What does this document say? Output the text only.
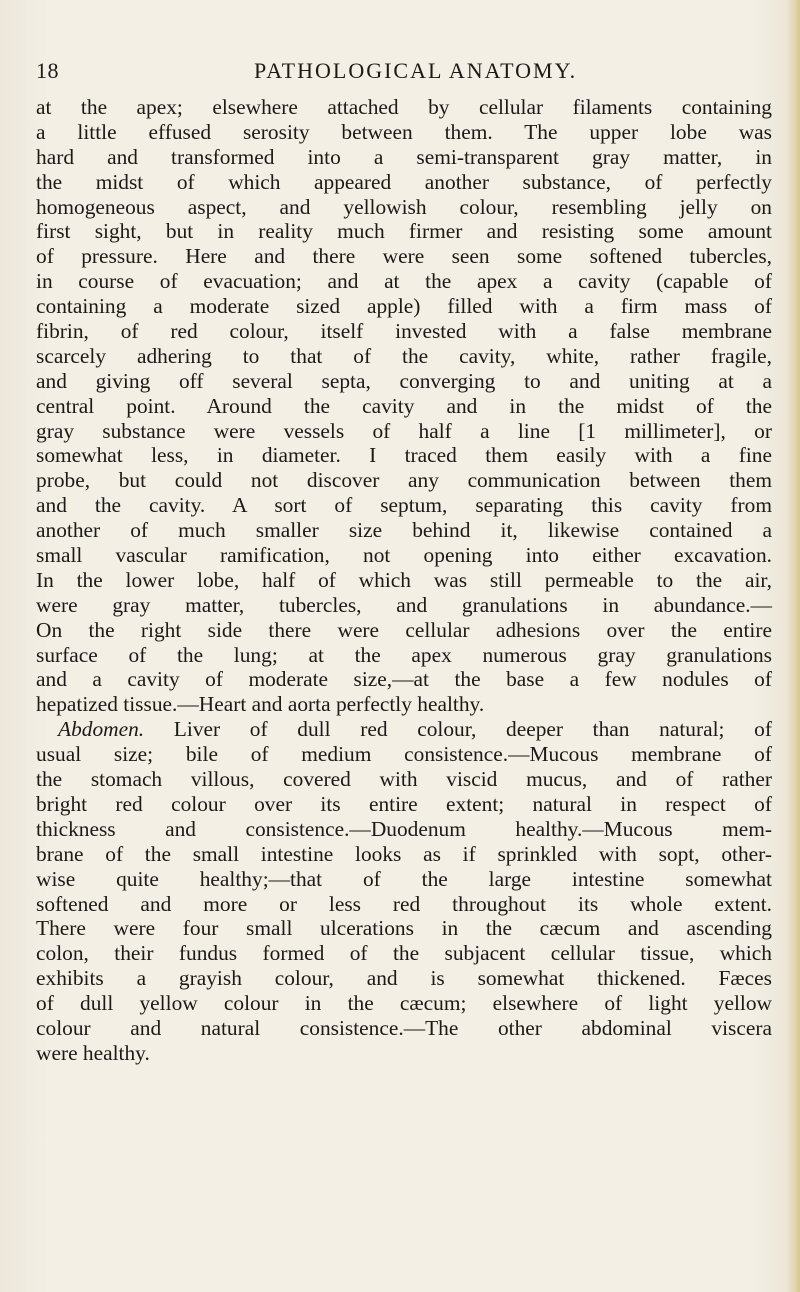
18	PATHOLOGICAL ANATOMY.
at the apex; elsewhere attached by cellular filaments containing
a little effused serosity between them. The upper lobe was
hard and transformed into a semi-transparent gray matter, in
the midst of which appeared another substance, of perfectly
homogeneous aspect, and yellowish colour, resembling jelly on
first sight, but in reality much firmer and resisting some amount
of pressure. Here and there were seen some softened tubercles,
in course of evacuation; and at the apex a cavity (capable of
containing a moderate sized apple) filled with a firm mass of
fibrin, of red colour, itself invested with a false membrane
scarcely adhering to that of the cavity, white, rather fragile,
and giving off several septa, converging to and uniting at a
central point. Around the cavity and in the midst of the
gray substance were vessels of half a line [1 millimeter], or
somewhat less, in diameter. I traced them easily with a fine
probe, but could not discover any communication between them
and the cavity. A sort of septum, separating this cavity from
another of much smaller size behind it, likewise contained a
small vascular ramification, not opening into either excavation.
In the lower lobe, half of which was still permeable to the air,
were gray matter, tubercles, and granulations in abundance.—
On the right side there were cellular adhesions over the entire
surface of the lung; at the apex numerous gray granulations
and a cavity of moderate size,—at the base a few nodules of
hepatized tissue.—Heart and aorta perfectly healthy.
Abdomen. Liver of dull red colour, deeper than natural; of
usual size; bile of medium consistence.—Mucous membrane of
the stomach villous, covered with viscid mucus, and of rather
bright red colour over its entire extent; natural in respect of
thickness and consistence.—Duodenum healthy.—Mucous mem-
brane of the small intestine looks as if sprinkled with sopt, other-
wise quite healthy;—that of the large intestine somewhat
softened and more or less red throughout its whole extent.
There were four small ulcerations in the cæcum and ascending
colon, their fundus formed of the subjacent cellular tissue, which
exhibits a grayish colour, and is somewhat thickened. Fæces
of dull yellow colour in the cæcum; elsewhere of light yellow
colour and natural consistence.—The other abdominal viscera
were healthy.
